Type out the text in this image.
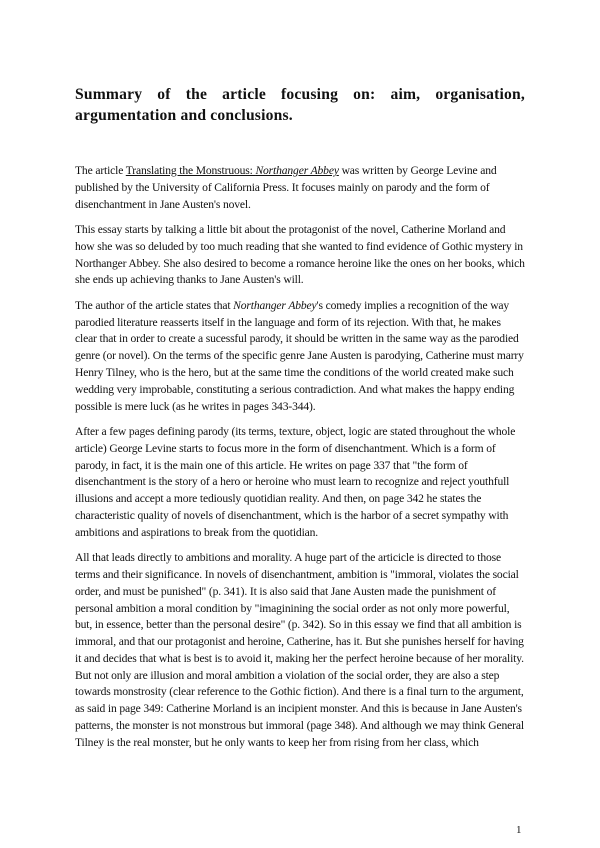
Summary of the article focusing on: aim, organisation, argumentation and conclusions.

The article Translating the Monstruous: Northanger Abbey was written by George Levine and published by the University of California Press. It focuses mainly on parody and the form of disenchantment in Jane Austen's novel.

This essay starts by talking a little bit about the protagonist of the novel, Catherine Morland and how she was so deluded by too much reading that she wanted to find evidence of Gothic mystery in Northanger Abbey. She also desired to become a romance heroine like the ones on her books, which she ends up achieving thanks to Jane Austen's will.

The author of the article states that Northanger Abbey's comedy implies a recognition of the way parodied literature reasserts itself in the language and form of its rejection. With that, he makes clear that in order to create a sucessful parody, it should be written in the same way as the parodied genre (or novel). On the terms of the specific genre Jane Austen is parodying, Catherine must marry Henry Tilney, who is the hero, but at the same time the conditions of the world created make such wedding very improbable, constituting a serious contradiction. And what makes the happy ending possible is mere luck (as he writes in pages 343-344).

After a few pages defining parody (its terms, texture, object, logic are stated throughout the whole article) George Levine starts to focus more in the form of disenchantment. Which is a form of parody, in fact, it is the main one of this article. He writes on page 337 that "the form of disenchantment is the story of a hero or heroine who must learn to recognize and reject youthfull illusions and accept a more tediously quotidian reality. And then, on page 342 he states the characteristic quality of novels of disenchantment, which is the harbor of a secret sympathy with ambitions and aspirations to break from the quotidian.

All that leads directly to ambitions and morality. A huge part of the articicle is directed to those terms and their significance. In novels of disenchantment, ambition is "immoral, violates the social order, and must be punished" (p. 341). It is also said that Jane Austen made the punishment of personal ambition a moral condition by "imaginining the social order as not only more powerful, but, in essence, better than the personal desire" (p. 342). So in this essay we find that all ambition is immoral, and that our protagonist and heroine, Catherine, has it. But she punishes herself for having it and decides that what is best is to avoid it, making her the perfect heroine because of her morality. But not only are illusion and moral ambition a violation of the social order, they are also a step towards monstrosity (clear reference to the Gothic fiction). And there is a final turn to the argument, as said in page 349: Catherine Morland is an incipient monster. And this is because in Jane Austen's patterns, the monster is not monstrous but immoral (page 348). And although we may think General Tilney is the real monster, but he only wants to keep her from rising from her class, which

1
